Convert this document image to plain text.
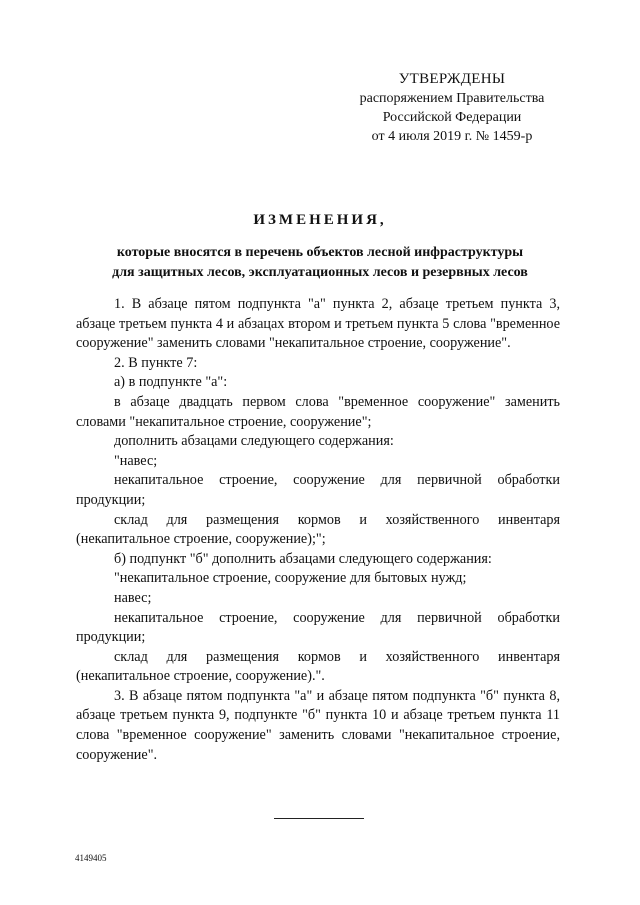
УТВЕРЖДЕНЫ
распоряжением Правительства
Российской Федерации
от 4 июля 2019 г. № 1459-р
ИЗМЕНЕНИЯ,
которые вносятся в перечень объектов лесной инфраструктуры
для защитных лесов, эксплуатационных лесов и резервных лесов

1. В абзаце пятом подпункта "а" пункта 2, абзаце третьем пункта 3, абзаце третьем пункта 4 и абзацах втором и третьем пункта 5 слова "временное сооружение" заменить словами "некапитальное строение, сооружение".

2. В пункте 7:

а) в подпункте "а":

в абзаце двадцать первом слова "временное сооружение" заменить словами "некапитальное строение, сооружение";

дополнить абзацами следующего содержания:

"навес;

некапитальное строение, сооружение для первичной обработки продукции;

склад для размещения кормов и хозяйственного инвентаря (некапитальное строение, сооружение);";

б) подпункт "б" дополнить абзацами следующего содержания:

"некапитальное строение, сооружение для бытовых нужд;

навес;

некапитальное строение, сооружение для первичной обработки продукции;

склад для размещения кормов и хозяйственного инвентаря (некапитальное строение, сооружение).".

3. В абзаце пятом подпункта "а" и абзаце пятом подпункта "б" пункта 8, абзаце третьем пункта 9, подпункте "б" пункта 10 и абзаце третьем пункта 11 слова "временное сооружение" заменить словами "некапитальное строение, сооружение".

4149405
